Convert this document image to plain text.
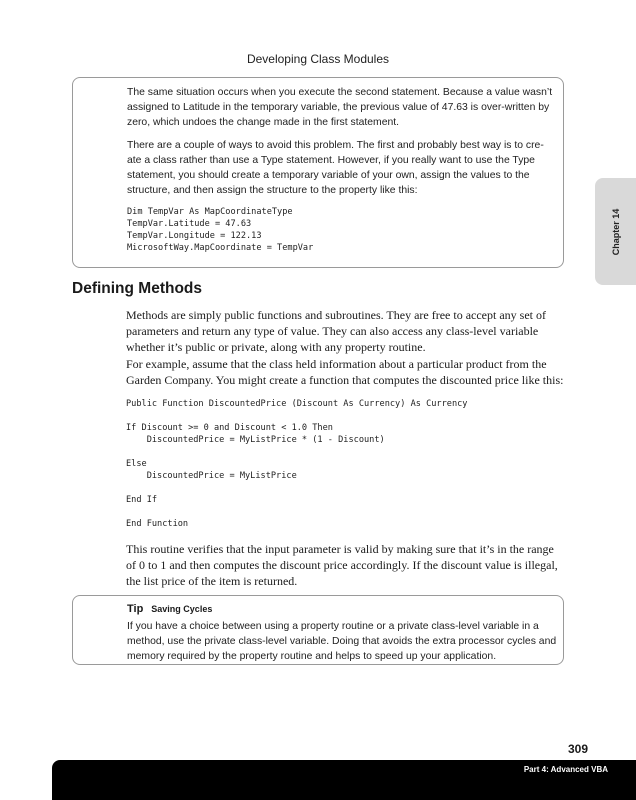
Developing Class Modules

The same situation occurs when you execute the second statement. Because a value wasn’t assigned to Latitude in the temporary variable, the previous value of 47.63 is over-written by zero, which undoes the change made in the first statement.

There are a couple of ways to avoid this problem. The first and probably best way is to cre-ate a class rather than use a Type statement. However, if you really want to use the Type statement, you should create a temporary variable of your own, assign the values to the structure, and then assign the structure to the property like this:

Dim TempVar As MapCoordinateType
TempVar.Latitude = 47.63
TempVar.Longitude = 122.13
MicrosoftWay.MapCoordinate = TempVar	Chapter 14
Defining Methods

Methods are simply public functions and subroutines. They are free to accept any set of parameters and return any type of value. They can also access any class-level variable whether it’s public or private, along with any property routine.

For example, assume that the class held information about a particular product from the Garden Company. You might create a function that computes the discounted price like this:

Public Function DiscountedPrice (Discount As Currency) As Currency
If Discount >= 0 and Discount < 1.0 Then
DiscountedPrice = MyListPrice * (1 - Discount)
Else
DiscountedPrice = MyListPrice
End If
End Function

This routine verifies that the input parameter is valid by making sure that it’s in the range of 0 to 1 and then computes the discount price accordingly. If the discount value is illegal, the list price of the item is returned.

Tip Saving Cycles

If you have a choice between using a property routine or a private class-level variable in a method, use the private class-level variable. Doing that avoids the extra processor cycles and memory required by the property routine and helps to speed up your application.

309
Part 4: Advanced VBA
